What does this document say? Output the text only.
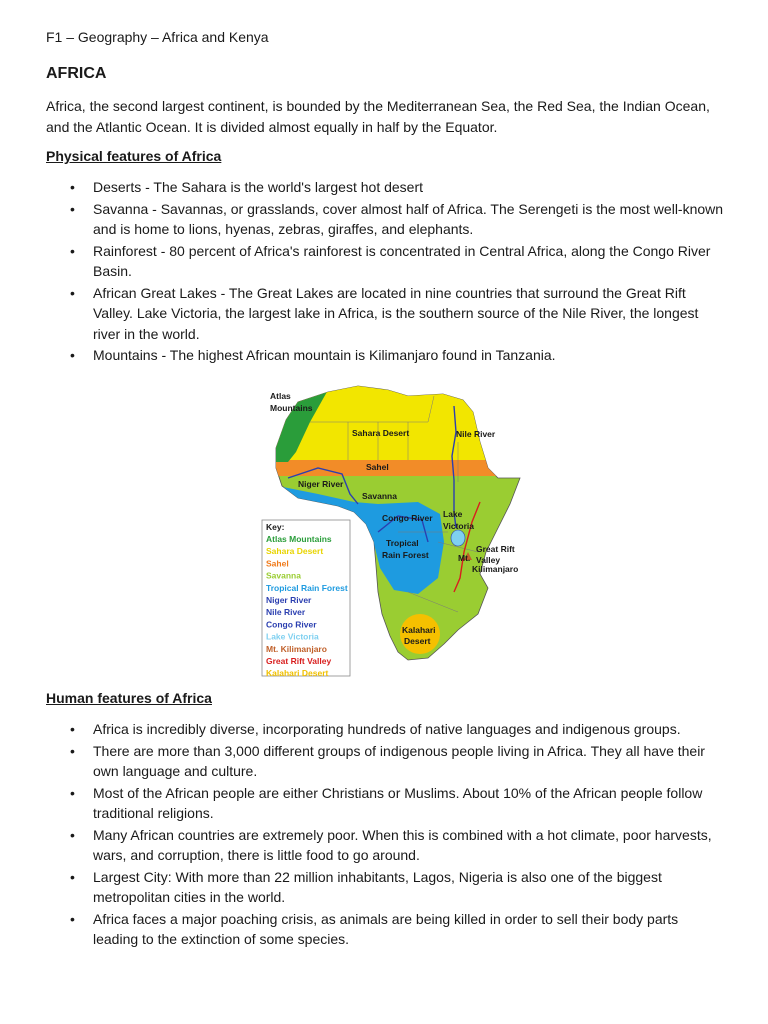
F1 – Geography – Africa and Kenya
AFRICA
Africa, the second largest continent, is bounded by the Mediterranean Sea, the Red Sea, the Indian Ocean, and the Atlantic Ocean. It is divided almost equally in half by the Equator.
Physical features of Africa
• Deserts - The Sahara is the world's largest hot desert
• Savanna - Savannas, or grasslands, cover almost half of Africa. The Serengeti is the most well-known and is home to lions, hyenas, zebras, giraffes, and elephants.
• Rainforest - 80 percent of Africa's rainforest is concentrated in Central Africa, along the Congo River Basin.
• African Great Lakes - The Great Lakes are located in nine countries that surround the Great Rift Valley. Lake Victoria, the largest lake in Africa, is the southern source of the Nile River, the longest river in the world.
• Mountains - The highest African mountain is Kilimanjaro found in Tanzania.
Atlas
Mountains
Sahara Desert	Nile River
Sahel
Niger River
Savanna
Congo River Lake
Victoria
Tropical
Rain Forest
Great Rift
Valley
Mt.
Kilimanjaro
Kalahari
Desert
Key:
Atlas Mountains
Sahara Desert
Sahel
Savanna
Tropical Rain Forest
Niger River
Nile River
Congo River
Lake Victoria
Mt. Kilimanjaro
Great Rift Valley
Kalahari Desert
Human features of Africa
• Africa is incredibly diverse, incorporating hundreds of native languages and indigenous groups.
• There are more than 3,000 different groups of indigenous people living in Africa. They all have their own language and culture.
• Most of the African people are either Christians or Muslims. About 10% of the African people follow traditional religions.
• Many African countries are extremely poor. When this is combined with a hot climate, poor harvests, wars, and corruption, there is little food to go around.
• Largest City: With more than 22 million inhabitants, Lagos, Nigeria is also one of the biggest metropolitan cities in the world.
• Africa faces a major poaching crisis, as animals are being killed in order to sell their body parts leading to the extinction of some species.
